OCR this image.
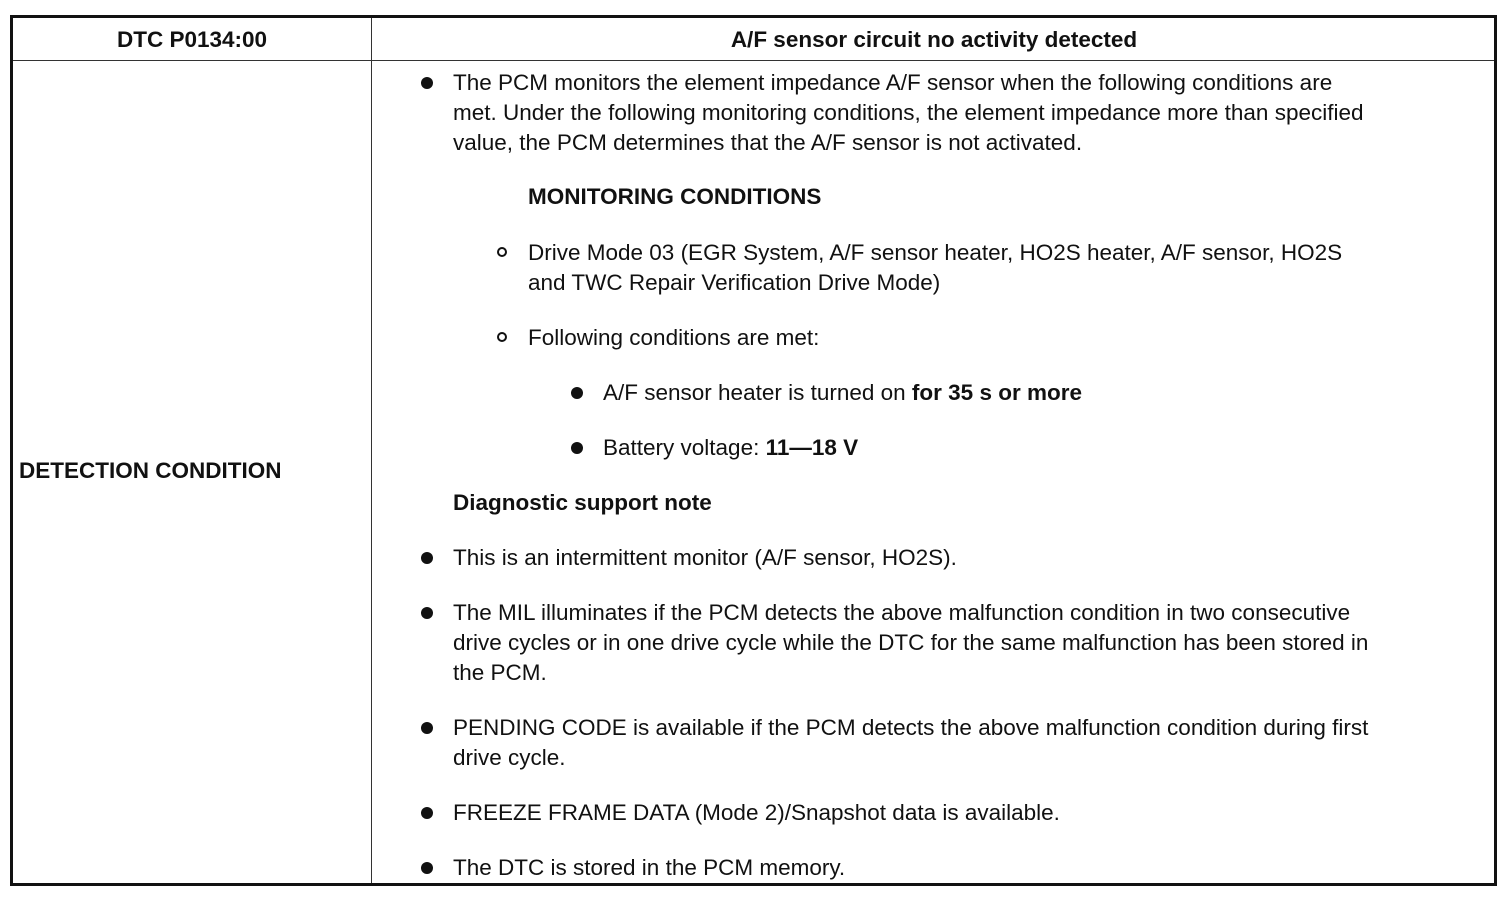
DTC P0134:00	A/F sensor circuit no activity detected
DETECTION CONDITION
The PCM monitors the element impedance A/F sensor when the following conditions are
met. Under the following monitoring conditions, the element impedance more than specified
value, the PCM determines that the A/F sensor is not activated.
MONITORING CONDITIONS
Drive Mode 03 (EGR System, A/F sensor heater, HO2S heater, A/F sensor, HO2S
and TWC Repair Verification Drive Mode)
Following conditions are met:
A/F sensor heater is turned on for 35 s or more
Battery voltage: 11—18 V
Diagnostic support note
This is an intermittent monitor (A/F sensor, HO2S).
The MIL illuminates if the PCM detects the above malfunction condition in two consecutive
drive cycles or in one drive cycle while the DTC for the same malfunction has been stored in
the PCM.
PENDING CODE is available if the PCM detects the above malfunction condition during first
drive cycle.
FREEZE FRAME DATA (Mode 2)/Snapshot data is available.
The DTC is stored in the PCM memory.
